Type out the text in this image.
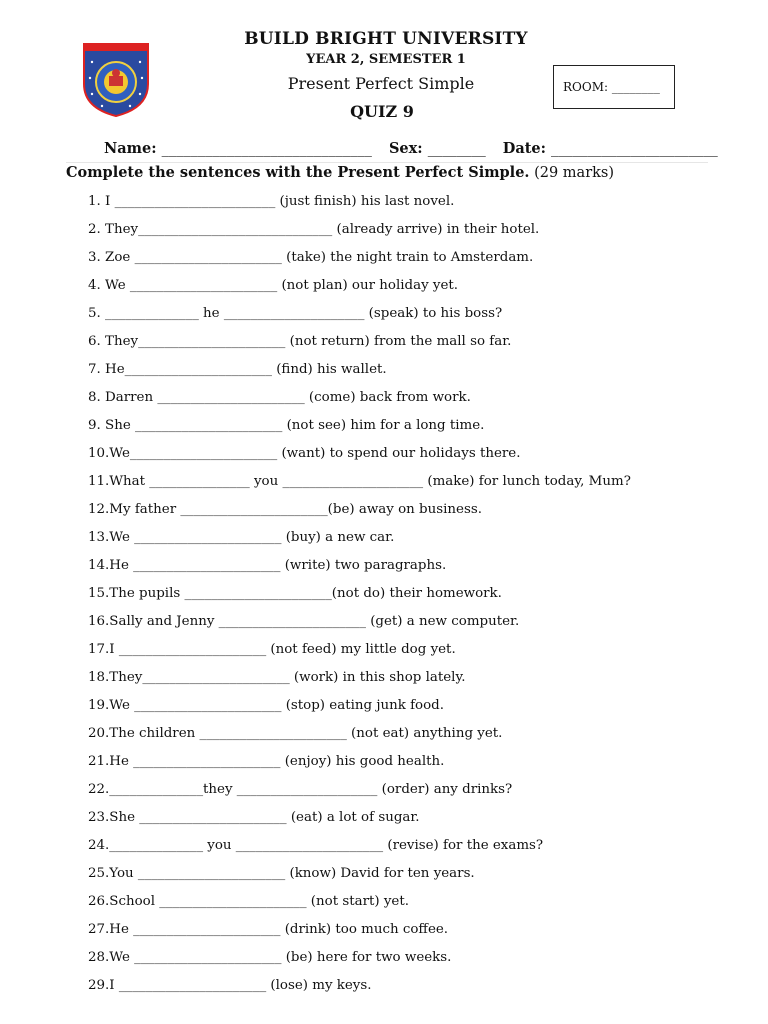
BUILD BRIGHT UNIVERSITY
YEAR 2, SEMESTER 1
Present Perfect Simple
QUIZ 9
ROOM: ________
Name: _____________________________ Sex: ________ Date: _______________________
Complete the sentences with the Present Perfect Simple. (29 marks)
1. I ________________________ (just finish) his last novel.
2. They_____________________________ (already arrive) in their hotel.
3. Zoe ______________________ (take) the night train to Amsterdam.
4. We ______________________ (not plan) our holiday yet.
5. ______________ he _____________________ (speak) to his boss?
6. They______________________ (not return) from the mall so far.
7. He______________________ (find) his wallet.
8. Darren ______________________ (come) back from work.
9. She ______________________ (not see) him for a long time.
10.We______________________ (want) to spend our holidays there.
11.What _______________ you _____________________ (make) for lunch today, Mum?
12.My father ______________________(be) away on business.
13.We ______________________ (buy) a new car.
14.He ______________________ (write) two paragraphs.
15.The pupils ______________________(not do) their homework.
16.Sally and Jenny ______________________ (get) a new computer.
17.I ______________________ (not feed) my little dog yet.
18.They______________________ (work) in this shop lately.
19.We ______________________ (stop) eating junk food.
20.The children ______________________ (not eat) anything yet.
21.He ______________________ (enjoy) his good health.
22.______________they _____________________ (order) any drinks?
23.She ______________________ (eat) a lot of sugar.
24.______________ you ______________________ (revise) for the exams?
25.You ______________________ (know) David for ten years.
26.School ______________________ (not start) yet.
27.He ______________________ (drink) too much coffee.
28.We ______________________ (be) here for two weeks.
29.I ______________________ (lose) my keys.
